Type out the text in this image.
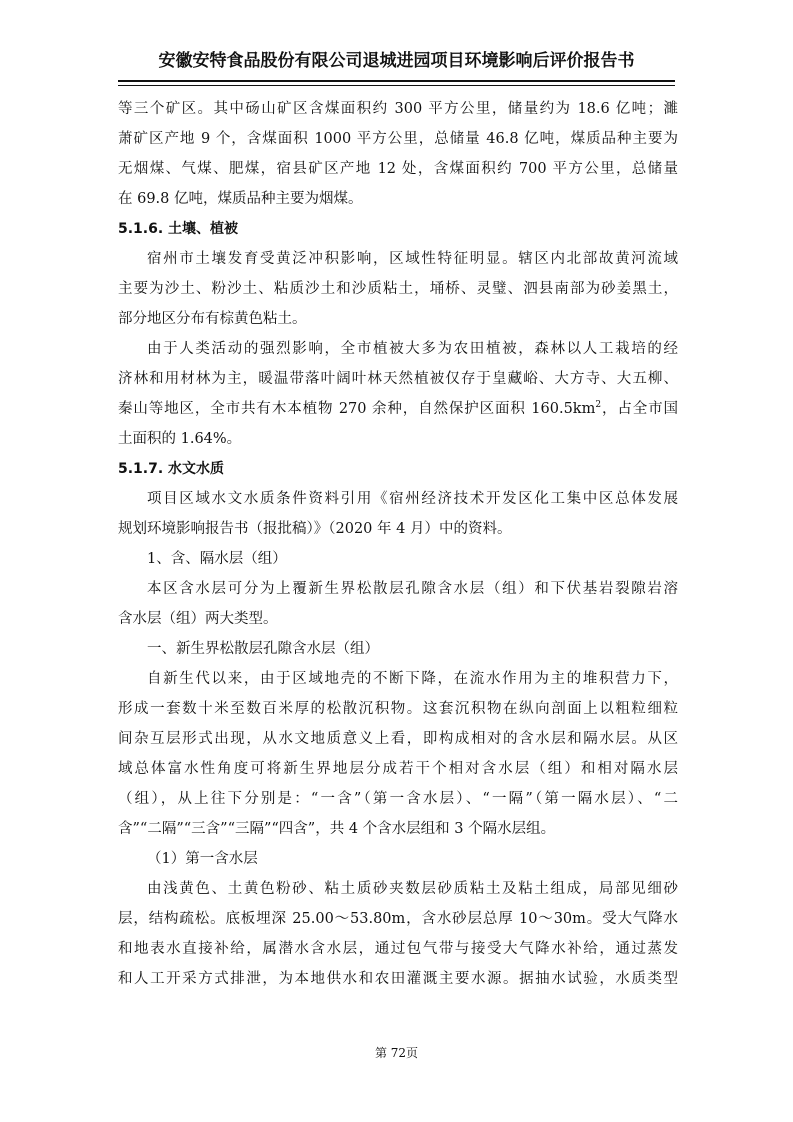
安徽安特食品股份有限公司退城进园项目环境影响后评价报告书
等三个矿区。其中砀山矿区含煤面积约 300 平方公里，储量约为 18.6 亿吨；濉
萧矿区产地 9 个，含煤面积 1000 平方公里，总储量 46.8 亿吨，煤质品种主要为
无烟煤、气煤、肥煤，宿县矿区产地 12 处，含煤面积约 700 平方公里，总储量
在 69.8 亿吨，煤质品种主要为烟煤。
5.1.6. 土壤、植被
宿州市土壤发育受黄泛冲积影响，区域性特征明显。辖区内北部故黄河流域
主要为沙土、粉沙土、粘质沙土和沙质粘土，埇桥、灵璧、泗县南部为砂姜黑土，
部分地区分布有棕黄色粘土。
由于人类活动的强烈影响，全市植被大多为农田植被，森林以人工栽培的经
济林和用材林为主，暖温带落叶阔叶林天然植被仅存于皇藏峪、大方寺、大五柳、
秦山等地区，全市共有木本植物 270 余种，自然保护区面积 $160.5km^2$，占全市国
土面积的 1.64%。
5.1.7. 水文水质
项目区域水文水质条件资料引用《宿州经济技术开发区化工集中区总体发展
规划环境影响报告书（报批稿）》（2020 年 4 月）中的资料。
1、含、隔水层（组）
本区含水层可分为上覆新生界松散层孔隙含水层（组）和下伏基岩裂隙岩溶
含水层（组）两大类型。
一、新生界松散层孔隙含水层（组）
自新生代以来，由于区域地壳的不断下降，在流水作用为主的堆积营力下，
形成一套数十米至数百米厚的松散沉积物。这套沉积物在纵向剖面上以粗粒细粒
间杂互层形式出现，从水文地质意义上看，即构成相对的含水层和隔水层。从区
域总体富水性角度可将新生界地层分成若干个相对含水层（组）和相对隔水层
（组），从上往下分别是：“一含”（第一含水层）、“一隔”（第一隔水层）、“二
含”“二隔”“三含”“三隔”“四含”，共 4 个含水层组和 3 个隔水层组。
（1）第一含水层
由浅黄色、土黄色粉砂、粘土质砂夹数层砂质粘土及粘土组成，局部见细砂
层，结构疏松。底板埋深 25.00～53.80m，含水砂层总厚 10～30m。受大气降水
和地表水直接补给，属潜水含水层，通过包气带与接受大气降水补给，通过蒸发
和人工开采方式排泄，为本地供水和农田灌溉主要水源。据抽水试验，水质类型
第 72页
